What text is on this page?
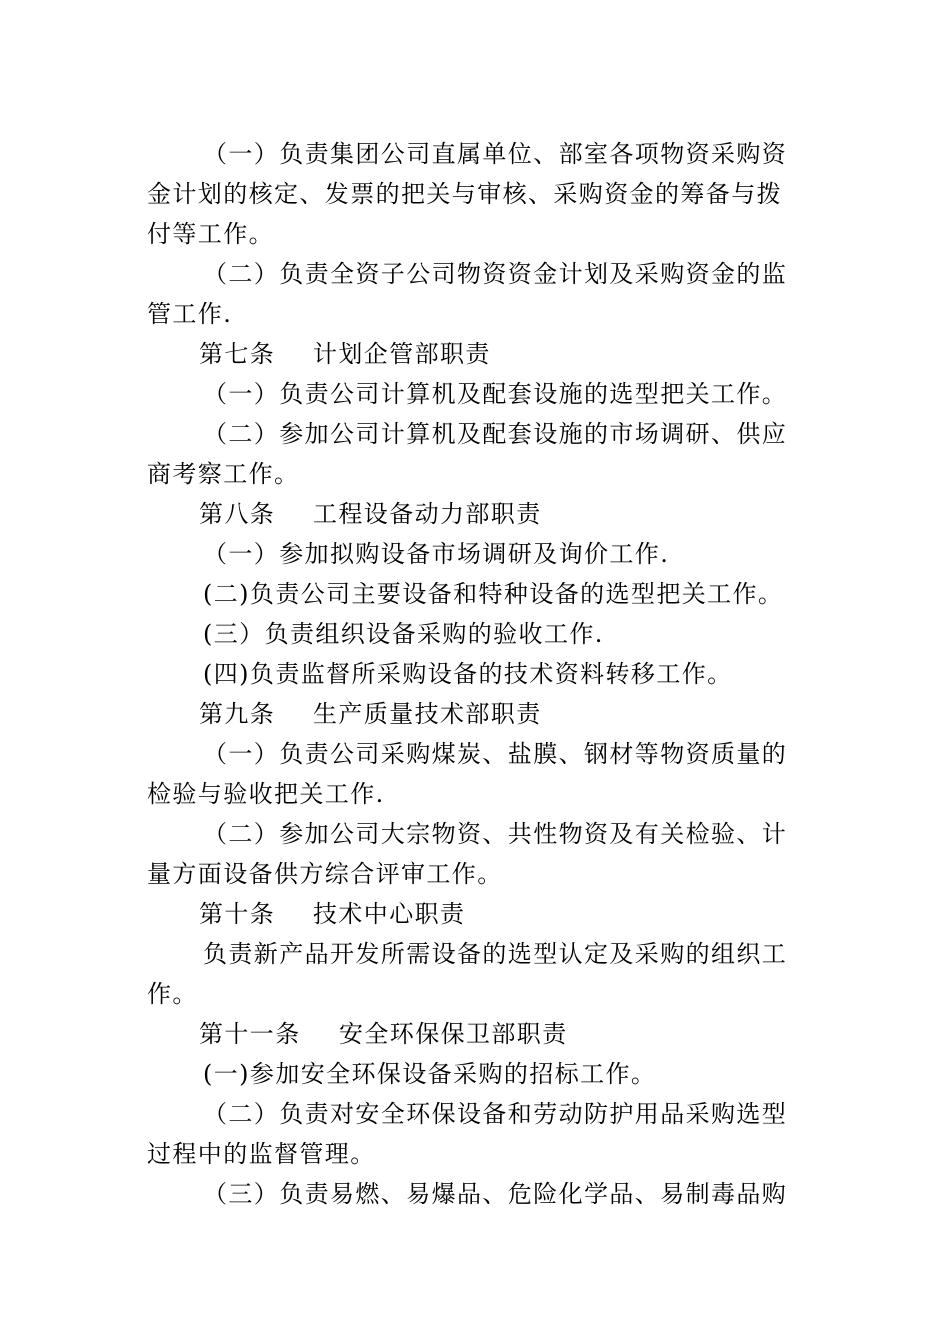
（一）负责集团公司直属单位、部室各项物资采购资金计划的核定、发票的把关与审核、采购资金的筹备与拨付等工作。

（二）负责全资子公司物资资金计划及采购资金的监管工作.

第七条 计划企管部职责

（一）负责公司计算机及配套设施的选型把关工作。

（二）参加公司计算机及配套设施的市场调研、供应商考察工作。

第八条 工程设备动力部职责

（一）参加拟购设备市场调研及询价工作.

(二)负责公司主要设备和特种设备的选型把关工作。

(三）负责组织设备采购的验收工作.

(四)负责监督所采购设备的技术资料转移工作。

第九条 生产质量技术部职责

（一）负责公司采购煤炭、盐膜、钢材等物资质量的检验与验收把关工作.

（二）参加公司大宗物资、共性物资及有关检验、计量方面设备供方综合评审工作。

第十条 技术中心职责

负责新产品开发所需设备的选型认定及采购的组织工作。

第十一条 安全环保保卫部职责

(一)参加安全环保设备采购的招标工作。

（二）负责对安全环保设备和劳动防护用品采购选型过程中的监督管理。

（三）负责易燃、易爆品、危险化学品、易制毒品购
